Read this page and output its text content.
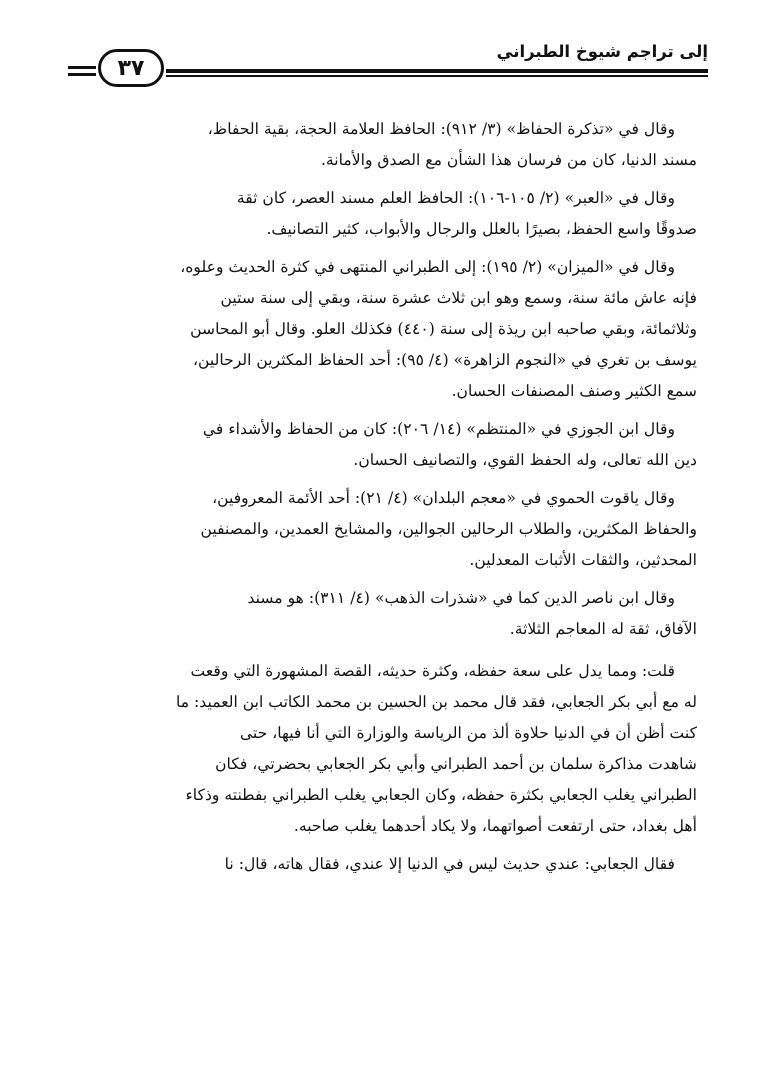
إلى تراجم شيوخ الطبراني
٣٧
وقال في «تذكرة الحفاظ» (٣/ ٩١٢): الحافظ العلامة الحجة، بقية الحفاظ،
مسند الدنيا، كان من فرسان هذا الشأن مع الصدق والأمانة.
وقال في «العبر» (٢/ ١٠٥-١٠٦): الحافظ العلم مسند العصر، كان ثقة
صدوقًا واسع الحفظ، بصيرًا بالعلل والرجال والأبواب، كثير التصانيف.
وقال في «الميزان» (٢/ ١٩٥): إلى الطبراني المنتهى في كثرة الحديث وعلوه،
فإنه عاش مائة سنة، وسمع وهو ابن ثلاث عشرة سنة، وبقي إلى سنة ستين
وثلاثمائة، وبقي صاحبه ابن ريذة إلى سنة (٤٤٠) فكذلك العلو. وقال أبو المحاسن
يوسف بن تغري في «النجوم الزاهرة» (٤/ ٩٥): أحد الحفاظ المكثرين الرحالين،
سمع الكثير وصنف المصنفات الحسان.
وقال ابن الجوزي في «المنتظم» (١٤/ ٢٠٦): كان من الحفاظ والأشداء في
دين الله تعالى، وله الحفظ القوي، والتصانيف الحسان.
وقال ياقوت الحموي في «معجم البلدان» (٤/ ٢١): أحد الأئمة المعروفين،
والحفاظ المكثرين، والطلاب الرحالين الجوالين، والمشايخ العمدين، والمصنفين
المحدثين، والثقات الأثبات المعدلين.
وقال ابن ناصر الدين كما في «شذرات الذهب» (٤/ ٣١١): هو مسند
الآفاق، ثقة له المعاجم الثلاثة.
قلت: ومما يدل على سعة حفظه، وكثرة حديثه، القصة المشهورة التي وقعت
له مع أبي بكر الجعابي، فقد قال محمد بن الحسين بن محمد الكاتب ابن العميد: ما
كنت أظن أن في الدنيا حلاوة ألذ من الرياسة والوزارة التي أنا فيها، حتى
شاهدت مذاكرة سلمان بن أحمد الطبراني وأبي بكر الجعابي بحضرتي، فكان
الطبراني يغلب الجعابي بكثرة حفظه، وكان الجعابي يغلب الطبراني بفطنته وذكاء
أهل بغداد، حتى ارتفعت أصواتهما، ولا يكاد أحدهما يغلب صاحبه.
فقال الجعابي: عندي حديث ليس في الدنيا إلا عندي، فقال هاته، قال: نا
